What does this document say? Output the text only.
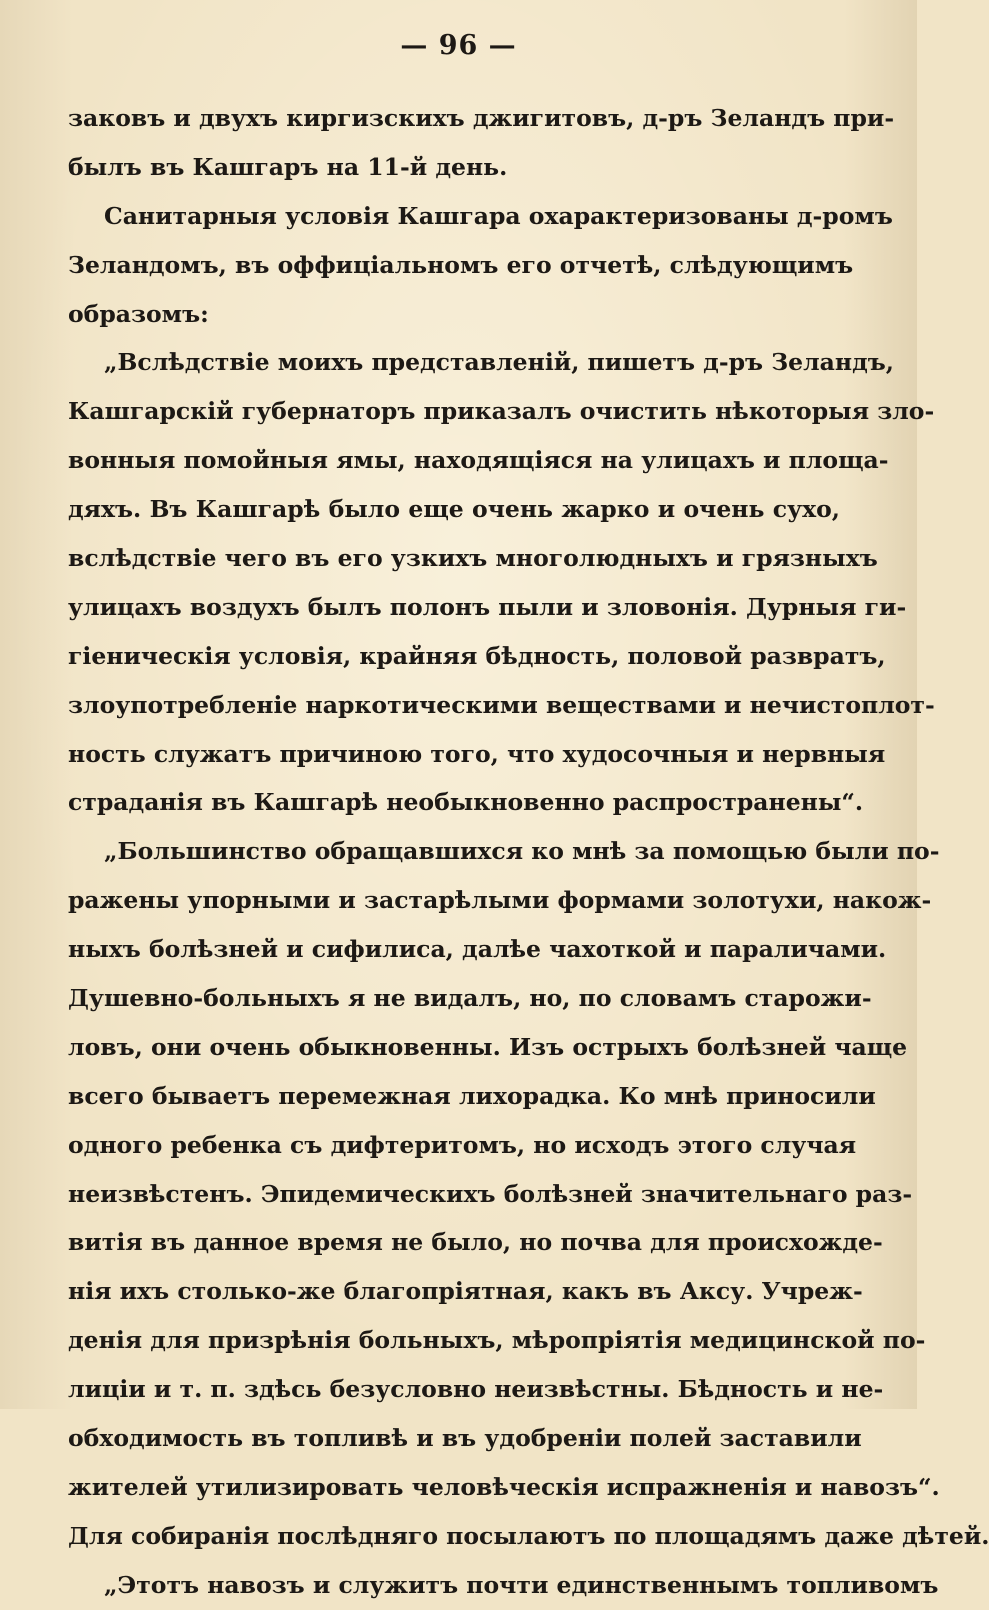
— 96 —
заковъ и двухъ киргизскихъ джигитовъ, д-ръ Зеландъ при-
былъ въ Кашгаръ на 11-й день.
Санитарныя условія Кашгара охарактеризованы д-ромъ
Зеландомъ, въ оффиціальномъ его отчетѣ, слѣдующимъ
образомъ:
„Вслѣдствіе моихъ представленій, пишетъ д-ръ Зеландъ,
Кашгарскій губернаторъ приказалъ очистить нѣкоторыя зло-
вонныя помойныя ямы, находящіяся на улицахъ и площа-
дяхъ. Въ Кашгарѣ было еще очень жарко и очень сухо,
вслѣдствіе чего въ его узкихъ многолюдныхъ и грязныхъ
улицахъ воздухъ былъ полонъ пыли и зловонія. Дурныя ги-
гіеническія условія, крайняя бѣдность, половой развратъ,
злоупотребленіе наркотическими веществами и нечистоплот-
ность служатъ причиною того, что худосочныя и нервныя
страданія въ Кашгарѣ необыкновенно распространены“.
„Большинство обращавшихся ко мнѣ за помощью были по-
ражены упорными и застарѣлыми формами золотухи, накож-
ныхъ болѣзней и сифилиса, далѣе чахоткой и параличами.
Душевно-больныхъ я не видалъ, но, по словамъ старожи-
ловъ, они очень обыкновенны. Изъ острыхъ болѣзней чаще
всего бываетъ перемежная лихорадка. Ко мнѣ приносили
одного ребенка съ дифтеритомъ, но исходъ этого случая
неизвѣстенъ. Эпидемическихъ болѣзней значительнаго раз-
витія въ данное время не было, но почва для происхожде-
нія ихъ столько-же благопріятная, какъ въ Аксу. Учреж-
денія для призрѣнія больныхъ, мѣропріятія медицинской по-
лиціи и т. п. здѣсь безусловно неизвѣстны. Бѣдность и не-
обходимость въ топливѣ и въ удобреніи полей заставили
жителей утилизировать человѣческія испражненія и навозъ“.
Для собиранія послѣдняго посылаютъ по площадямъ даже дѣтей.
„Этотъ навозъ и служитъ почти единственнымъ топливомъ
